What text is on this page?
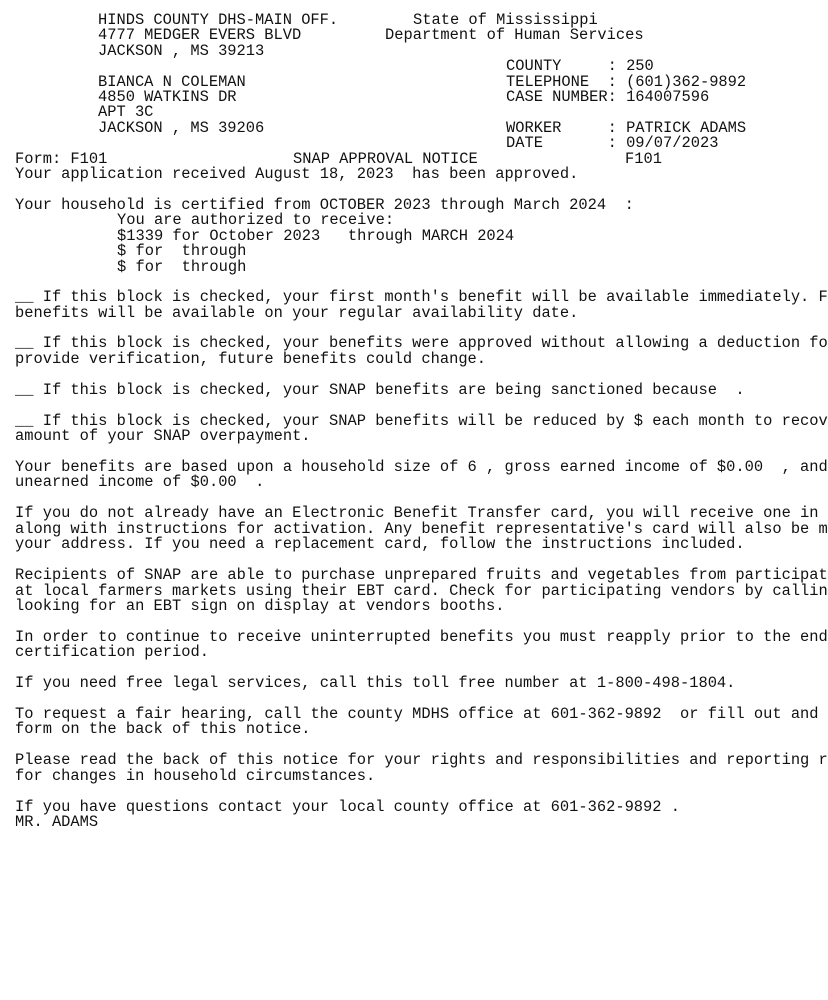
HINDS COUNTY DHS-MAIN OFF.	State of Mississippi
4777 MEDGER EVERS BLVD	Department of Human Services
JACKSON , MS 39213
COUNTY     : 250
BIANCA N COLEMAN	TELEPHONE  : (601)362-9892
4850 WATKINS DR	CASE NUMBER: 164007596
APT 3C
JACKSON , MS 39206	WORKER     : PATRICK ADAMS
DATE       : 09/07/2023
Form: F101	SNAP APPROVAL NOTICE	F101
Your application received August 18, 2023  has been approved.
Your household is certified from OCTOBER 2023 through March 2024  :
You are authorized to receive:
$1339 for October 2023   through MARCH 2024
$ for  through
$ for  through
__ If this block is checked, your first month's benefit will be available immediately. F
benefits will be available on your regular availability date.
__ If this block is checked, your benefits were approved without allowing a deduction fo
provide verification, future benefits could change.
__ If this block is checked, your SNAP benefits are being sanctioned because  .
__ If this block is checked, your SNAP benefits will be reduced by $ each month to recov
amount of your SNAP overpayment.
Your benefits are based upon a household size of 6 , gross earned income of $0.00  , and
unearned income of $0.00  .
If you do not already have an Electronic Benefit Transfer card, you will receive one in
along with instructions for activation. Any benefit representative's card will also be m
your address. If you need a replacement card, follow the instructions included.
Recipients of SNAP are able to purchase unprepared fruits and vegetables from participat
at local farmers markets using their EBT card. Check for participating vendors by callin
looking for an EBT sign on display at vendors booths.
In order to continue to receive uninterrupted benefits you must reapply prior to the end
certification period.
If you need free legal services, call this toll free number at 1-800-498-1804.
To request a fair hearing, call the county MDHS office at 601-362-9892  or fill out and
form on the back of this notice.
Please read the back of this notice for your rights and responsibilities and reporting r
for changes in household circumstances.
If you have questions contact your local county office at 601-362-9892 .
MR. ADAMS
